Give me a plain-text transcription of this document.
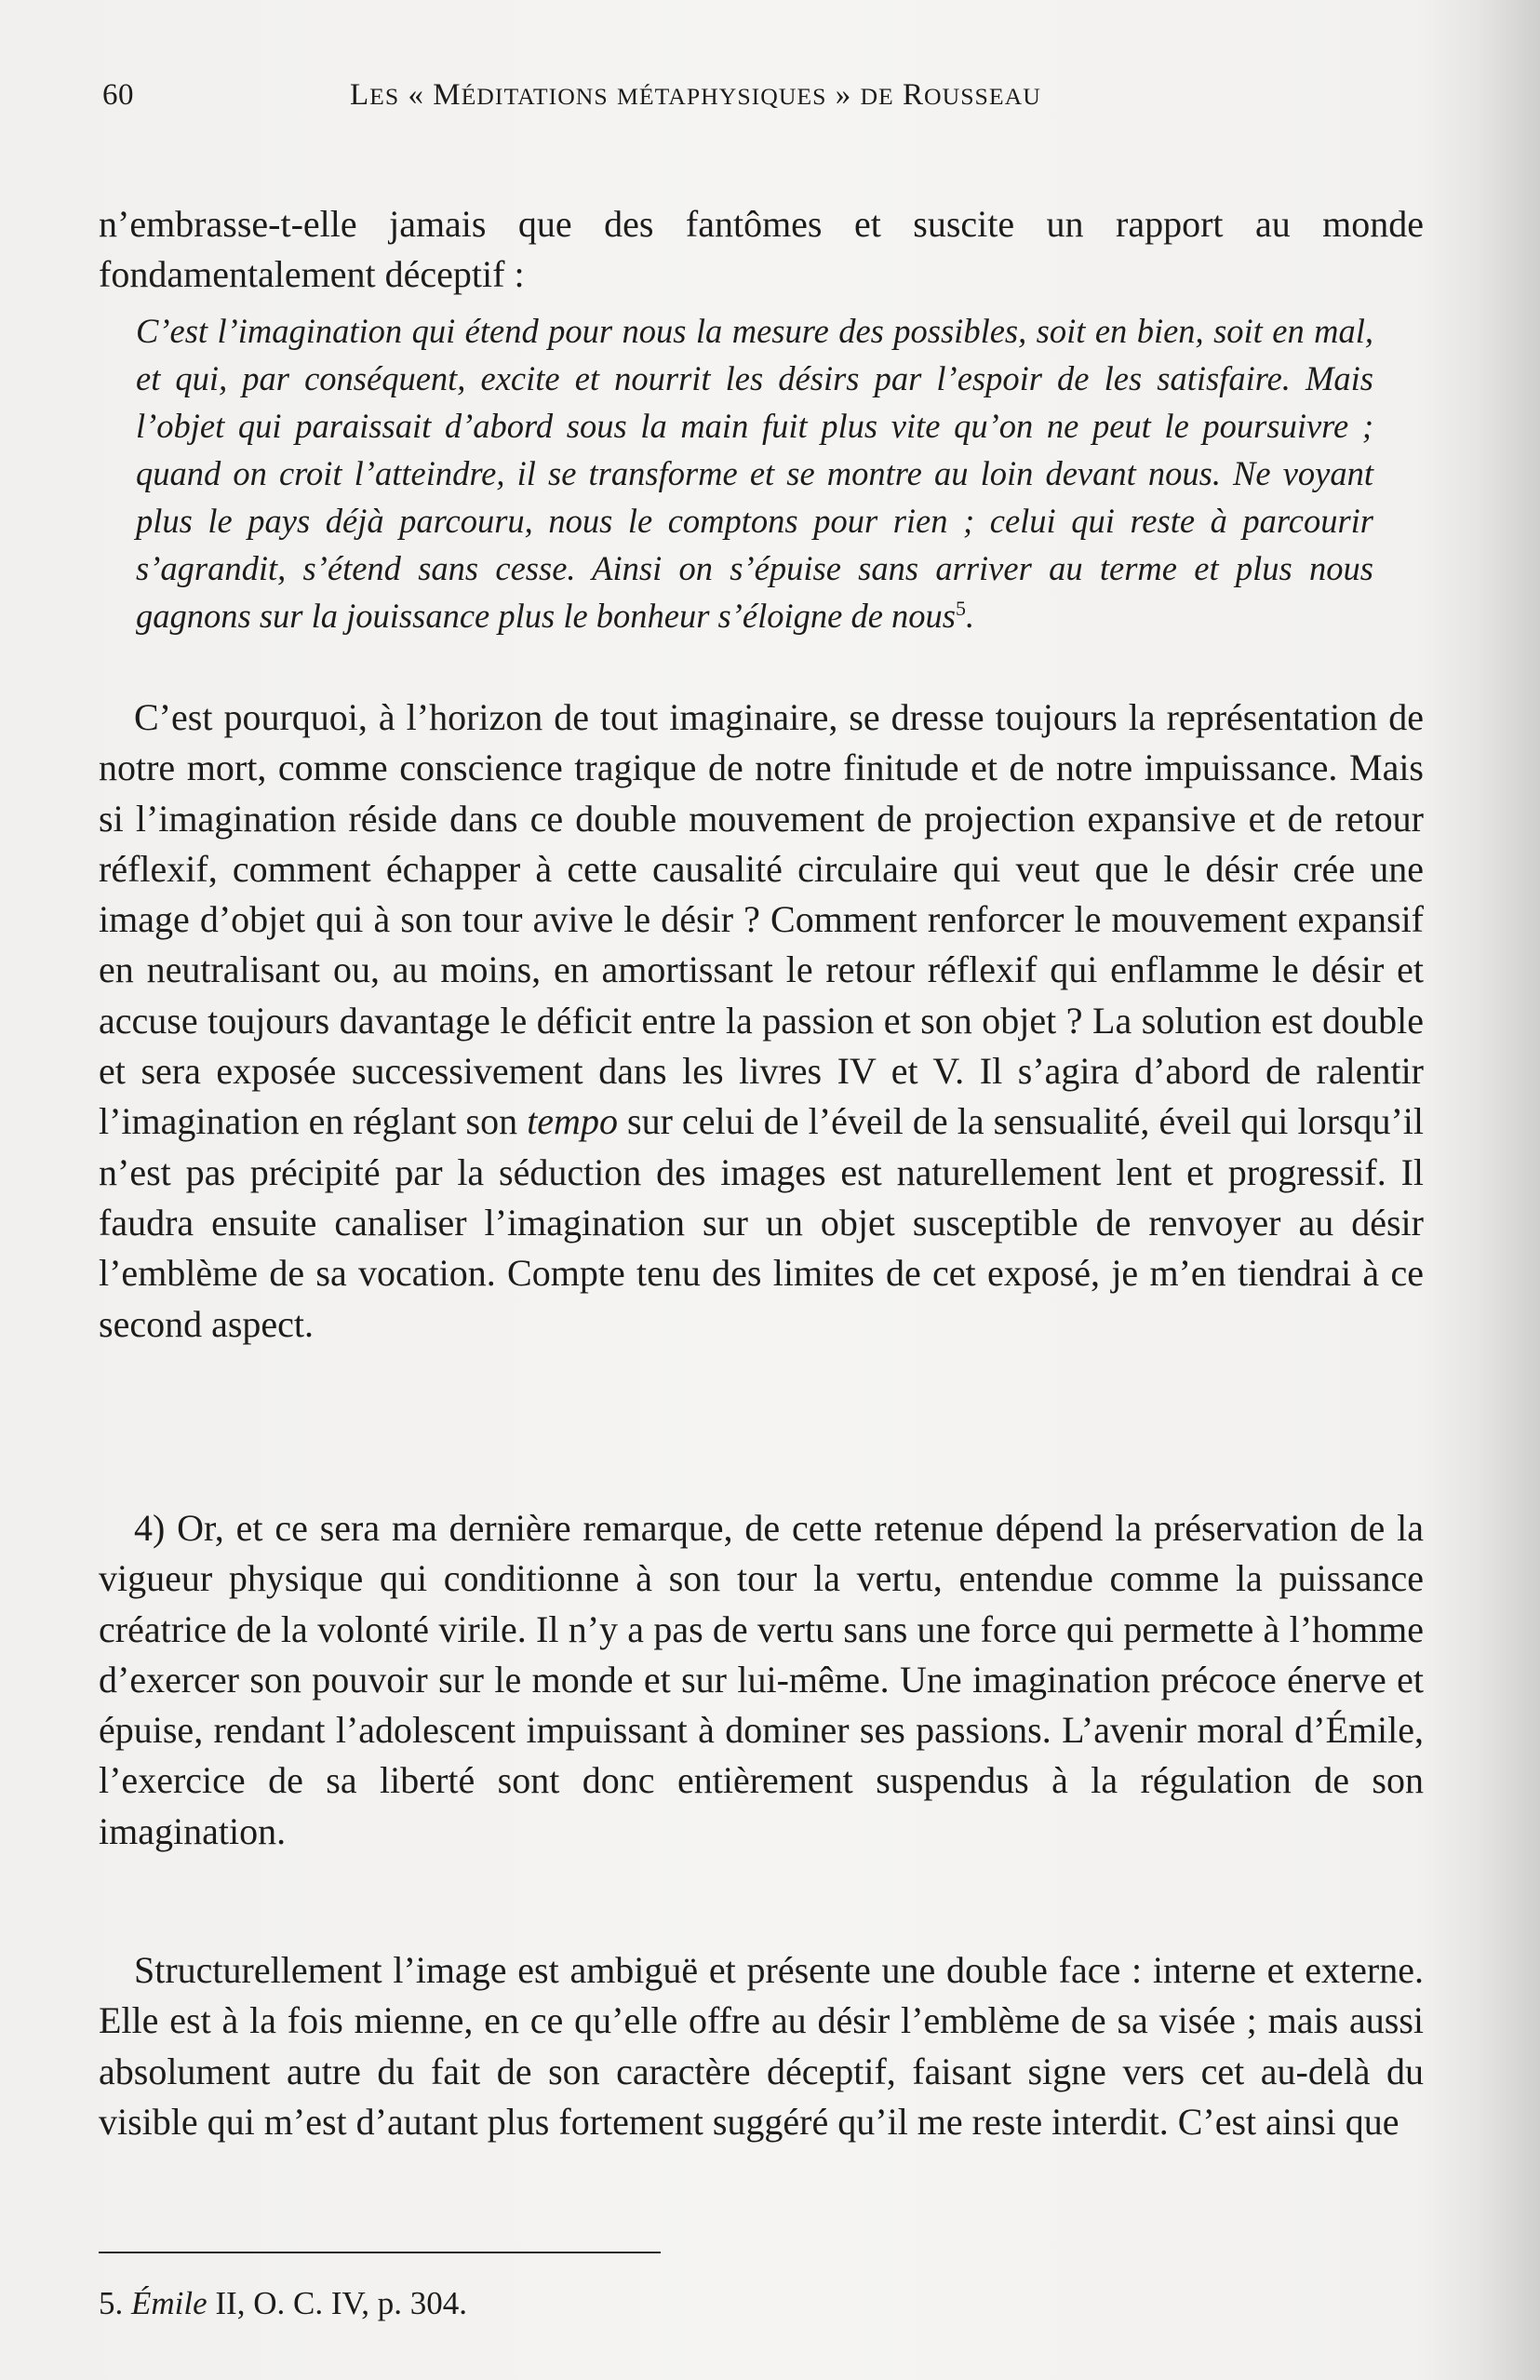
60	LES « MÉDITATIONS MÉTAPHYSIQUES » DE ROUSSEAU

n’embrasse-t-elle jamais que des fantômes et suscite un rapport au monde fondamentalement déceptif :

C’est l’imagination qui étend pour nous la mesure des possibles, soit en bien, soit en mal, et qui, par conséquent, excite et nourrit les désirs par l’espoir de les satisfaire. Mais l’objet qui paraissait d’abord sous la main fuit plus vite qu’on ne peut le poursuivre ; quand on croit l’atteindre, il se transforme et se montre au loin devant nous. Ne voyant plus le pays déjà parcouru, nous le comptons pour rien ; celui qui reste à parcourir s’agrandit, s’étend sans cesse. Ainsi on s’épuise sans arriver au terme et plus nous gagnons sur la jouissance plus le bonheur s’éloigne de nous$^5$.

C’est pourquoi, à l’horizon de tout imaginaire, se dresse toujours la représentation de notre mort, comme conscience tragique de notre finitude et de notre impuissance. Mais si l’imagination réside dans ce double mouvement de projection expansive et de retour réflexif, comment échapper à cette causalité circulaire qui veut que le désir crée une image d’objet qui à son tour avive le désir ? Comment renforcer le mouvement expansif en neutralisant ou, au moins, en amortissant le retour réflexif qui enflamme le désir et accuse toujours davantage le déficit entre la passion et son objet ? La solution est double et sera exposée successivement dans les livres IV et V. Il s’agira d’abord de ralentir l’imagination en réglant son tempo sur celui de l’éveil de la sensualité, éveil qui lorsqu’il n’est pas précipité par la séduction des images est naturellement lent et progressif. Il faudra ensuite canaliser l’imagination sur un objet susceptible de renvoyer au désir l’emblème de sa vocation. Compte tenu des limites de cet exposé, je m’en tiendrai à ce second aspect.

4) Or, et ce sera ma dernière remarque, de cette retenue dépend la préservation de la vigueur physique qui conditionne à son tour la vertu, entendue comme la puissance créatrice de la volonté virile. Il n’y a pas de vertu sans une force qui permette à l’homme d’exercer son pouvoir sur le monde et sur lui-même. Une imagination précoce énerve et épuise, rendant l’adolescent impuissant à dominer ses passions. L’avenir moral d’Émile, l’exercice de sa liberté sont donc entièrement suspendus à la régulation de son imagination.

Structurellement l’image est ambiguë et présente une double face : interne et externe. Elle est à la fois mienne, en ce qu’elle offre au désir l’emblème de sa visée ; mais aussi absolument autre du fait de son caractère déceptif, faisant signe vers cet au-delà du visible qui m’est d’autant plus fortement suggéré qu’il me reste interdit. C’est ainsi que

5. Émile II, O. C. IV, p. 304.
